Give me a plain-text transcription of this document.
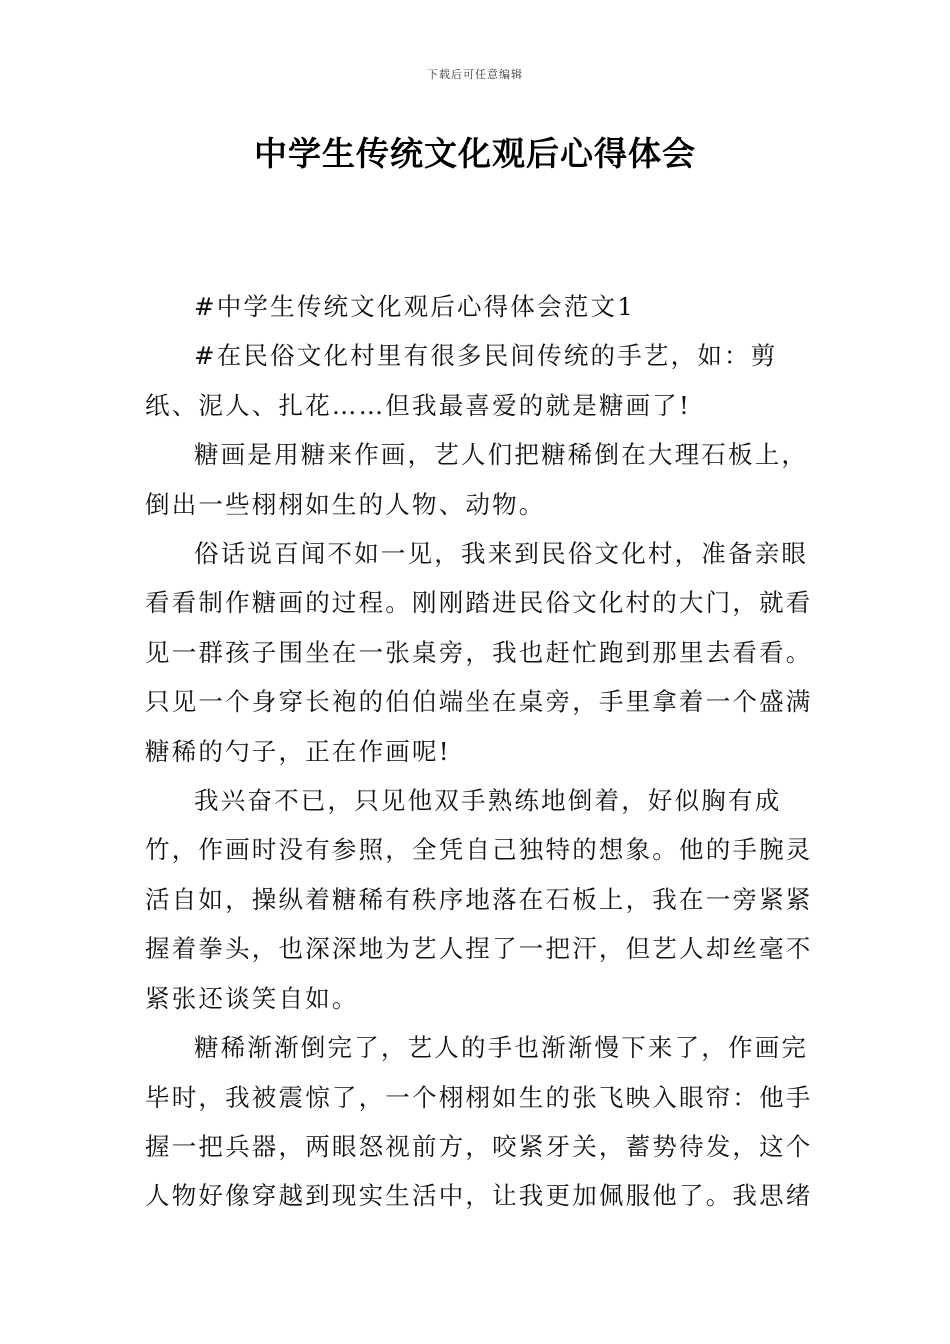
下载后可任意编辑
中学生传统文化观后心得体会

#中学生传统文化观后心得体会范文1

#在民俗文化村里有很多民间传统的手艺，如：剪纸、泥人、扎花……但我最喜爱的就是糖画了!

糖画是用糖来作画，艺人们把糖稀倒在大理石板上，倒出一些栩栩如生的人物、动物。

俗话说百闻不如一见，我来到民俗文化村，准备亲眼看看制作糖画的过程。刚刚踏进民俗文化村的大门，就看见一群孩子围坐在一张桌旁，我也赶忙跑到那里去看看。只见一个身穿长袍的伯伯端坐在桌旁，手里拿着一个盛满糖稀的勺子，正在作画呢!

我兴奋不已，只见他双手熟练地倒着，好似胸有成竹，作画时没有参照，全凭自己独特的想象。他的手腕灵活自如，操纵着糖稀有秩序地落在石板上，我在一旁紧紧握着拳头，也深深地为艺人捏了一把汗，但艺人却丝毫不紧张还谈笑自如。

糖稀渐渐倒完了，艺人的手也渐渐慢下来了，作画完毕时，我被震惊了，一个栩栩如生的张飞映入眼帘：他手握一把兵器，两眼怒视前方，咬紧牙关，蓄势待发，这个人物好像穿越到现实生活中，让我更加佩服他了。我思绪
